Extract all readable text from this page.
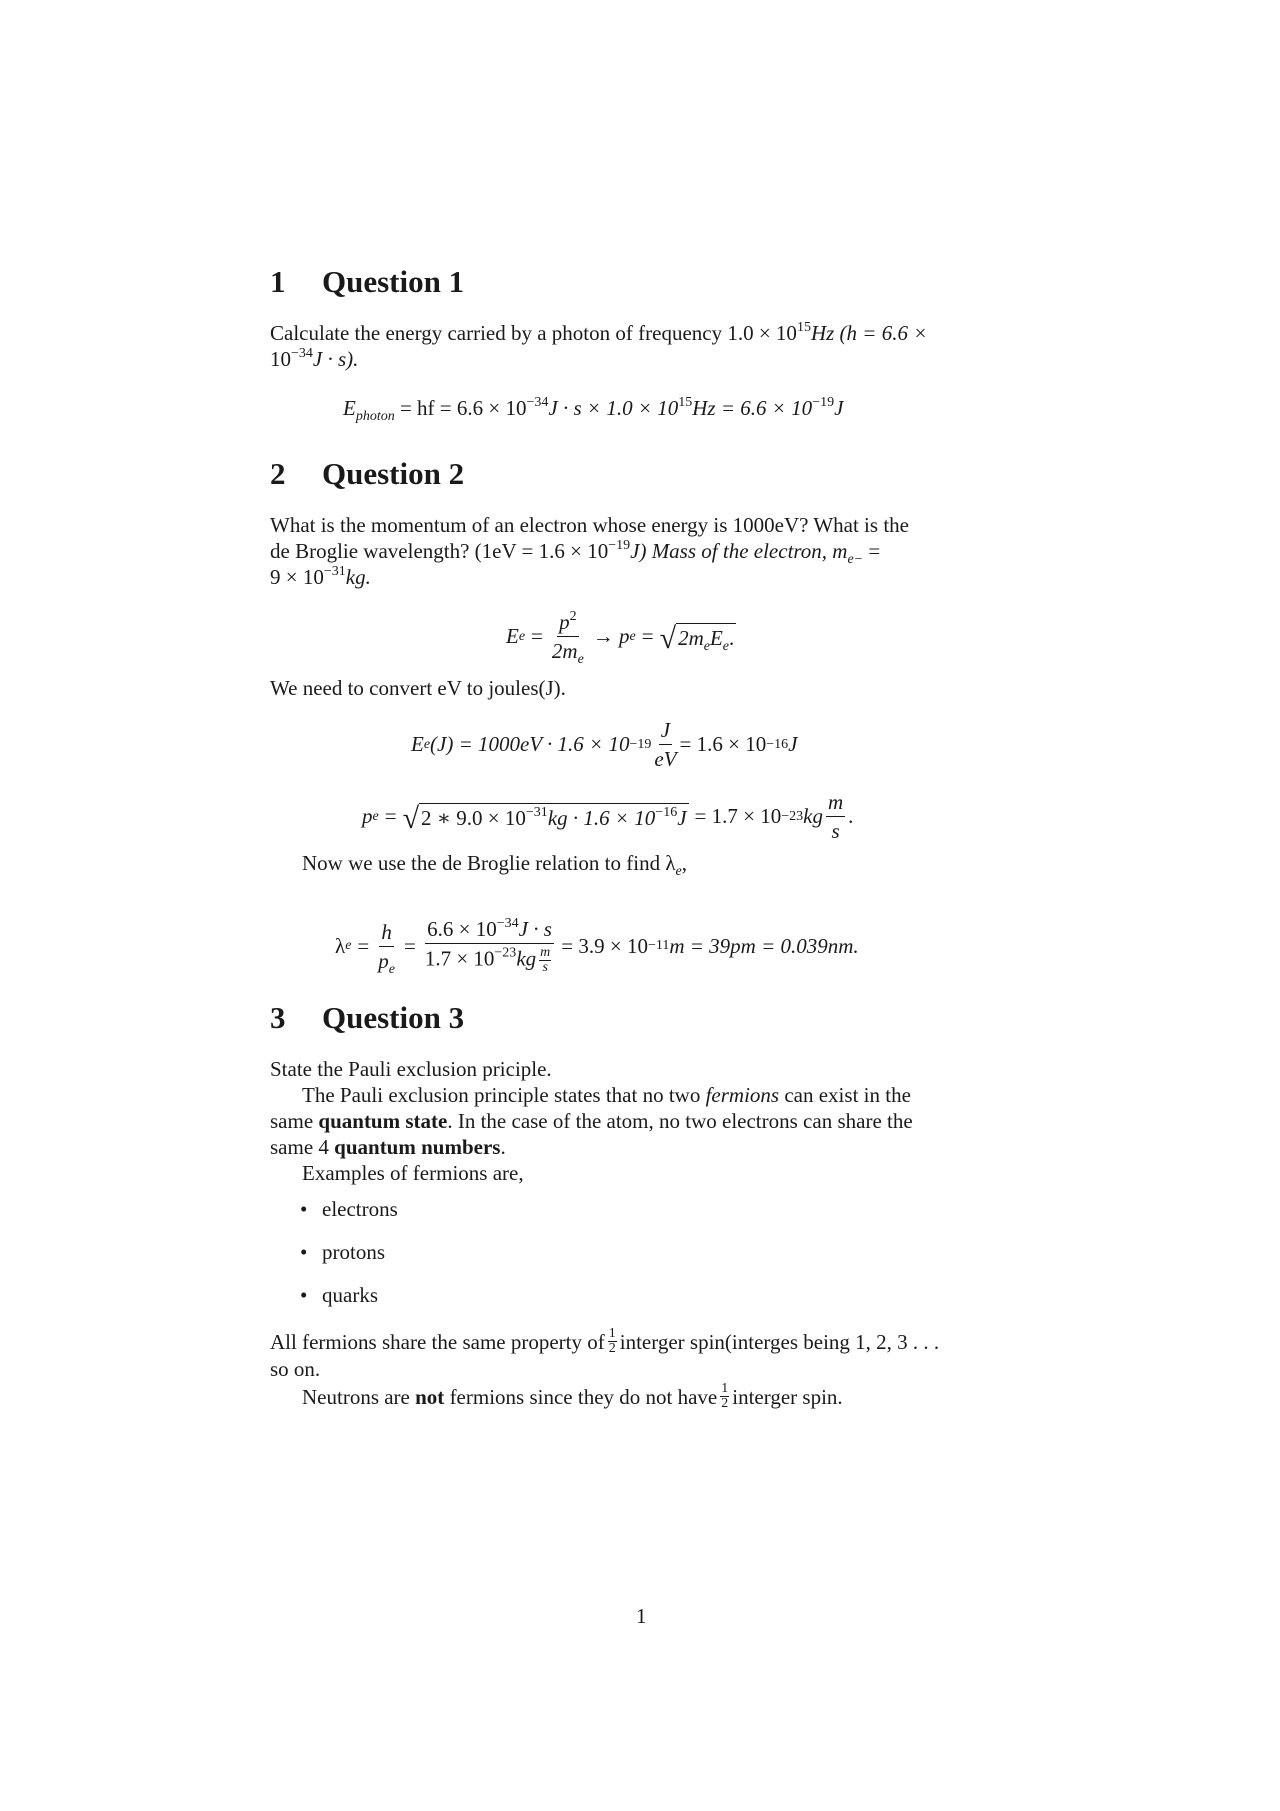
1 Question 1
Calculate the energy carried by a photon of frequency $1.0 \times 10^{15}Hz$ (h = 6.6 ×
$10^{-34}J \cdot s$).
$E_{photon}$ = hf = $6.6 \times 10^{-34}J \cdot s \times 1.0 \times 10^{15}Hz = 6.6 \times 10^{-19}J$
2 Question 2
What is the momentum of an electron whose energy is 1000eV? What is the
de Broglie wavelength? $(1eV = 1.6 \times 10^{-19}J)$ Mass of the electron, $m_{e-}$ =
$9 \times 10^{-31}kg$.
E $e = \frac{p^2}{2m_e} \to p$ e = √ $2m_eE_e$.
We need to convert eV to joules(J).
E e $(J) = 1000eV \cdot 1.6 \times 10 -19 \frac{J}{eV} = 1.6 \times 10 -16$ J
p e = √ 2 ∗ $9.0 \times 10^{-31}kg \cdot 1.6 \times 10^{-16}J = 1.7 \times 10 -23$ kg $\frac{m}{s}$ .
Now we use the de Broglie relation to find $\lambda_e$,
λ $e = \frac{h}{p_e} = \frac{6.6 \times 10^{-34}J \cdot s}{1.7 \times 10^{-23}kg \frac{m}{s}} = 3.9 \times 10 -11$ m = 39pm = 0.039nm.
3 Question 3
State the Pauli exclusion priciple.
The Pauli exclusion principle states that no two fermions can exist in the
same quantum state. In the case of the atom, no two electrons can share the
same 4 quantum numbers.
Examples of fermions are,
• electrons
• protons
• quarks
All fermions share the same property of $\frac{1}{2}$ interger spin(interges being 1, 2, 3 . . .
so on.
Neutrons are
not
fermions since they do not have $\frac{1}{2}$ interger spin.
1
